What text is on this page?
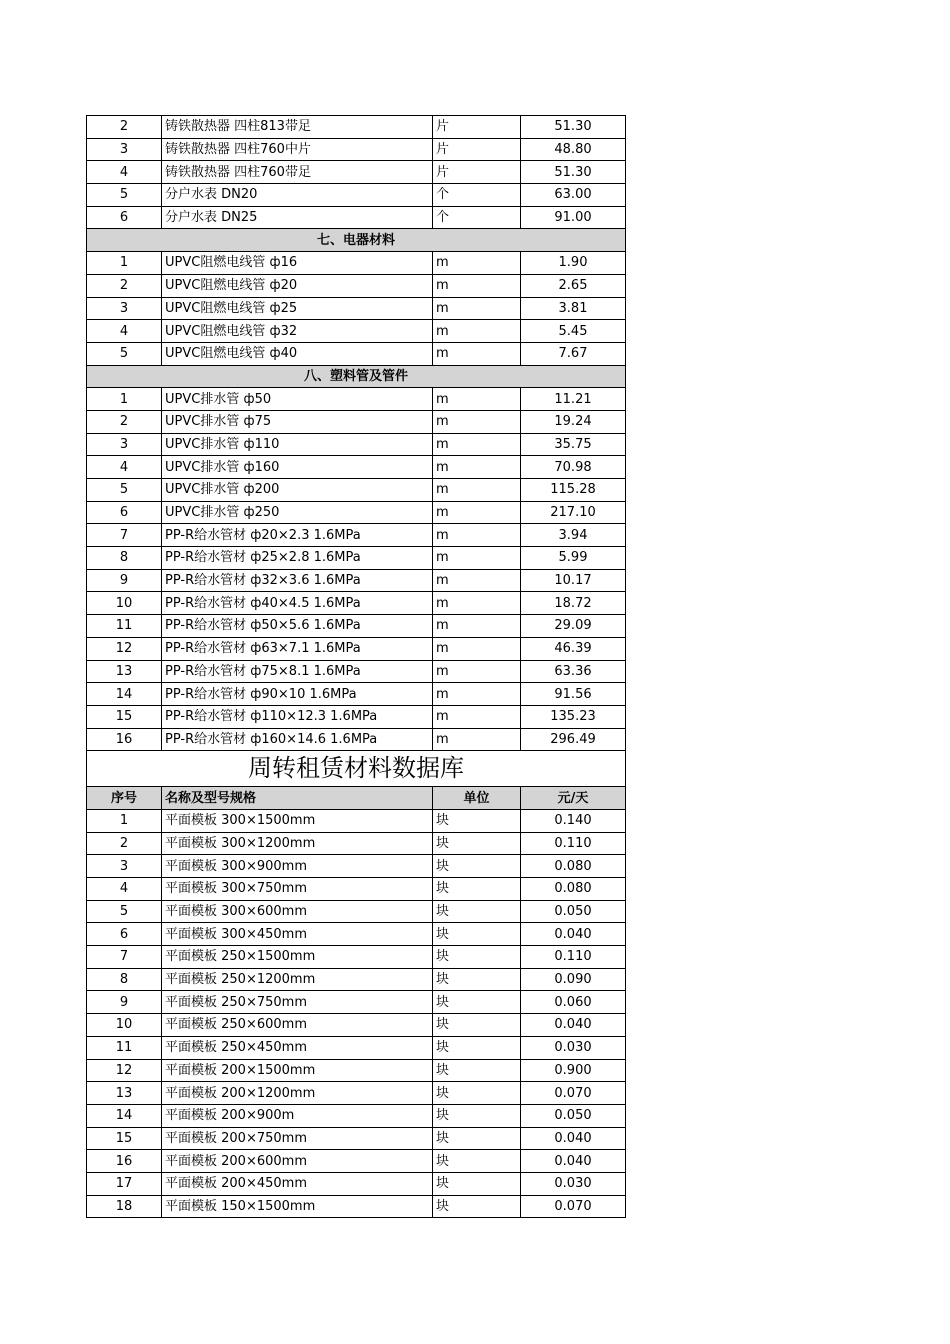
2	铸铁散热器 四柱813带足	片	51.30
3	铸铁散热器 四柱760中片	片	48.80
4	铸铁散热器 四柱760带足	片	51.30
5	分户水表 DN20	个	63.00
6	分户水表 DN25	个	91.00
七、电器材料			
1	UPVC阻燃电线管 ф16	m	1.90
2	UPVC阻燃电线管 ф20	m	2.65
3	UPVC阻燃电线管 ф25	m	3.81
4	UPVC阻燃电线管 ф32	m	5.45
5	UPVC阻燃电线管 ф40	m	7.67
八、塑料管及管件			
1	UPVC排水管 ф50	m	11.21
2	UPVC排水管 ф75	m	19.24
3	UPVC排水管 ф110	m	35.75
4	UPVC排水管 ф160	m	70.98
5	UPVC排水管 ф200	m	115.28
6	UPVC排水管 ф250	m	217.10
7	PP-R给水管材 ф20×2.3 1.6MPa	m	3.94
8	PP-R给水管材 ф25×2.8 1.6MPa	m	5.99
9	PP-R给水管材 ф32×3.6 1.6MPa	m	10.17
10	PP-R给水管材 ф40×4.5 1.6MPa	m	18.72
11	PP-R给水管材 ф50×5.6 1.6MPa	m	29.09
12	PP-R给水管材 ф63×7.1 1.6MPa	m	46.39
13	PP-R给水管材 ф75×8.1 1.6MPa	m	63.36
14	PP-R给水管材 ф90×10 1.6MPa	m	91.56
15	PP-R给水管材 ф110×12.3 1.6MPa	m	135.23
16	PP-R给水管材 ф160×14.6 1.6MPa	m	296.49
周转租赁材料数据库			
序号	名称及型号规格	单位	元/天
1	平面模板 300×1500mm	块	0.140
2	平面模板 300×1200mm	块	0.110
3	平面模板 300×900mm	块	0.080
4	平面模板 300×750mm	块	0.080
5	平面模板 300×600mm	块	0.050
6	平面模板 300×450mm	块	0.040
7	平面模板 250×1500mm	块	0.110
8	平面模板 250×1200mm	块	0.090
9	平面模板 250×750mm	块	0.060
10	平面模板 250×600mm	块	0.040
11	平面模板 250×450mm	块	0.030
12	平面模板 200×1500mm	块	0.900
13	平面模板 200×1200mm	块	0.070
14	平面模板 200×900m	块	0.050
15	平面模板 200×750mm	块	0.040
16	平面模板 200×600mm	块	0.040
17	平面模板 200×450mm	块	0.030
18	平面模板 150×1500mm	块	0.070
